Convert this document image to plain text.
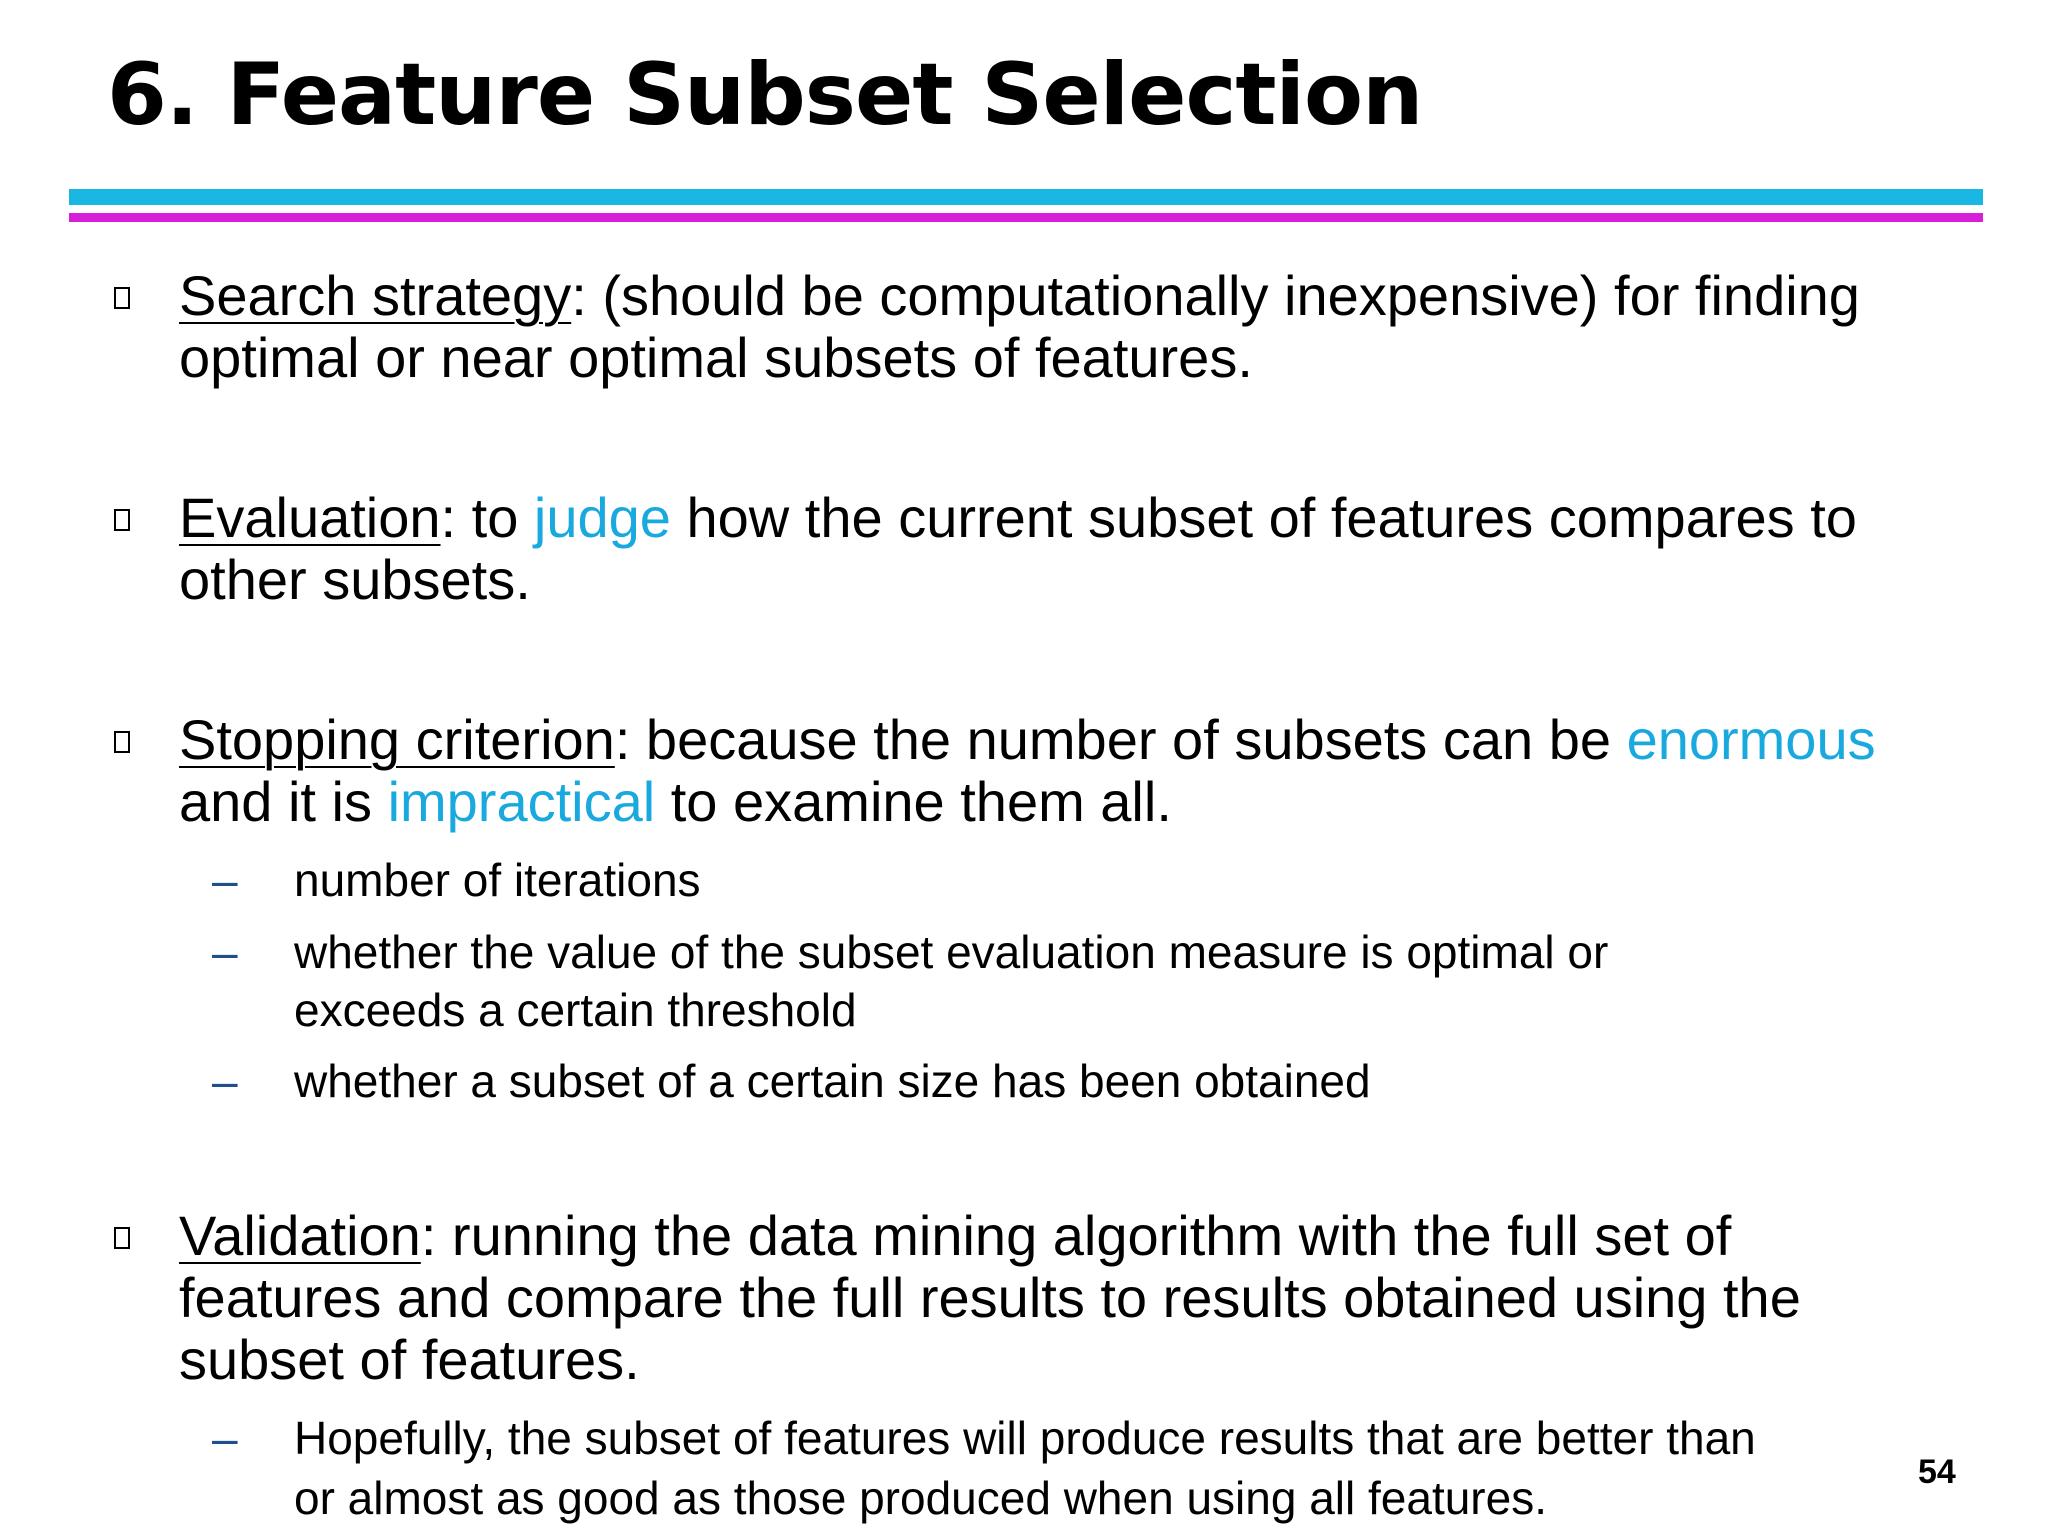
6. Feature Subset Selection
Search strategy: (should be computationally inexpensive) for finding
optimal or near optimal subsets of features.
Evaluation: to judge how the current subset of features compares to
other subsets.
Stopping criterion: because the number of subsets can be enormous
and it is impractical to examine them all.
– number of iterations
– whether the value of the subset evaluation measure is optimal or
exceeds a certain threshold
– whether a subset of a certain size has been obtained
Validation: running the data mining algorithm with the full set of
features and compare the full results to results obtained using the
subset of features.
– Hopefully, the subset of features will produce results that are better than
or almost as good as those produced when using all features.	54
